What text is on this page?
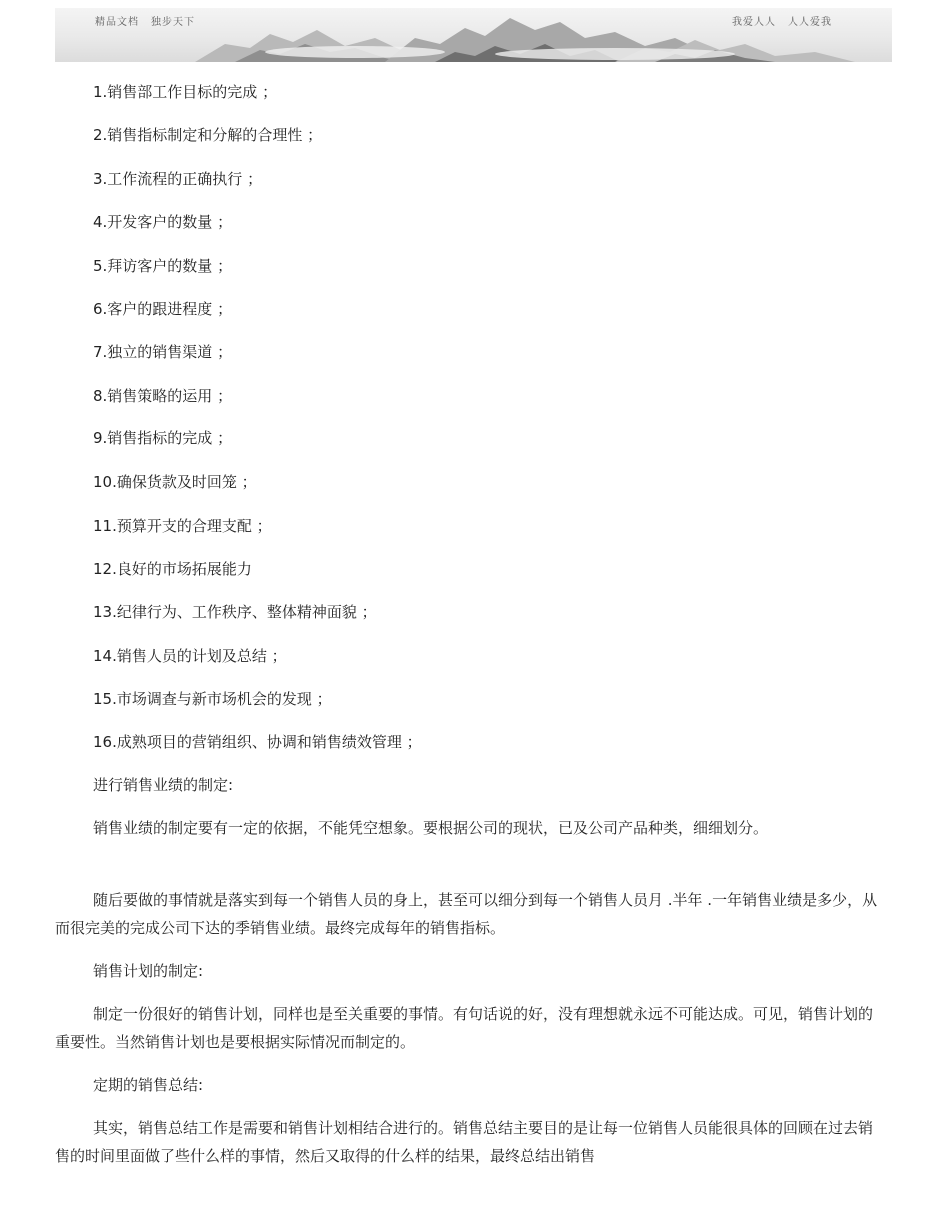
精品文档 独步天下	我爱人人 人人爱我
1.销售部工作目标的完成 ；
2.销售指标制定和分解的合理性 ；
3.工作流程的正确执行 ；
4.开发客户的数量 ；
5.拜访客户的数量 ；
6.客户的跟进程度 ；
7.独立的销售渠道 ；
8.销售策略的运用 ；
9.销售指标的完成 ；
10.确保货款及时回笼 ；
11.预算开支的合理支配 ；
12.良好的市场拓展能力
13.纪律行为、工作秩序、整体精神面貌 ；
14.销售人员的计划及总结 ；
15.市场调查与新市场机会的发现 ；
16.成熟项目的营销组织、协调和销售绩效管理 ；
进行销售业绩的制定:
销售业绩的制定要有一定的依据，不能凭空想象。要根据公司的现状，已及公司产品种类，细细划分。
随后要做的事情就是落实到每一个销售人员的身上，甚至可以细分到每一个销售人员月 .半年 .一年销售业绩是多少，从而很完美的完成公司下达的季销售业绩。最终完成每年的销售指标。
销售计划的制定:
制定一份很好的销售计划，同样也是至关重要的事情。有句话说的好，没有理想就永远不可能达成。可见，销售计划的重要性。当然销售计划也是要根据实际情况而制定的。
定期的销售总结:
其实，销售总结工作是需要和销售计划相结合进行的。销售总结主要目的是让每一位销售人员能很具体的回顾在过去销售的时间里面做了些什么样的事情，然后又取得的什么样的结果，最终总结出销售
